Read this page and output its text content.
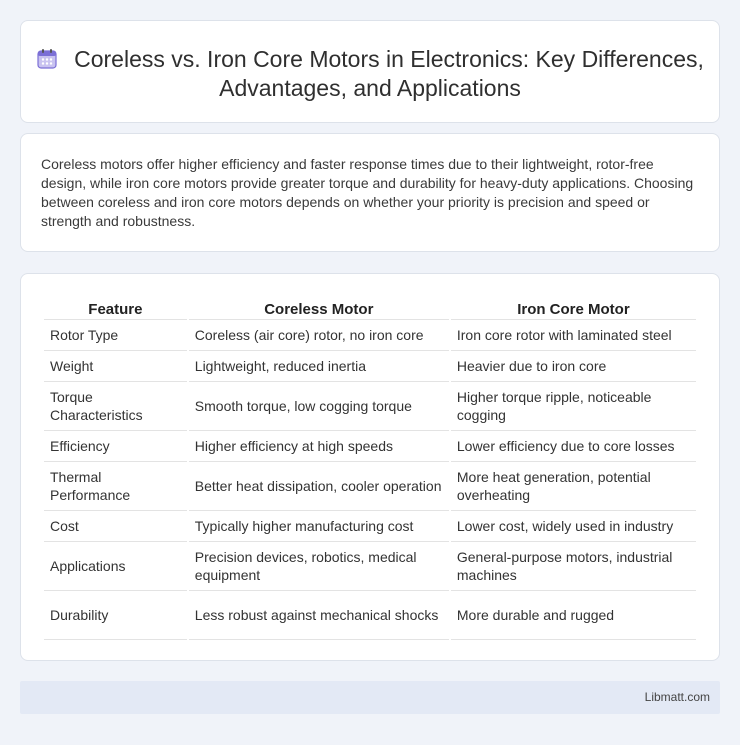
Coreless vs. Iron Core Motors in Electronics: Key Differences, Advantages, and Applications

Coreless motors offer higher efficiency and faster response times due to their lightweight, rotor-free design, while iron core motors provide greater torque and durability for heavy-duty applications. Choosing between coreless and iron core motors depends on whether your priority is precision and speed or strength and robustness.

Feature	Coreless Motor	Iron Core Motor
Rotor Type	Coreless (air core) rotor, no iron core	Iron core rotor with laminated steel
Weight	Lightweight, reduced inertia	Heavier due to iron core
Torque Characteristics	Smooth torque, low cogging torque	Higher torque ripple, noticeable cogging
Efficiency	Higher efficiency at high speeds	Lower efficiency due to core losses
Thermal Performance	Better heat dissipation, cooler operation	More heat generation, potential overheating
Cost	Typically higher manufacturing cost	Lower cost, widely used in industry
Applications	Precision devices, robotics, medical equipment	General-purpose motors, industrial machines
Durability	Less robust against mechanical shocks	More durable and rugged
Libmatt.com
